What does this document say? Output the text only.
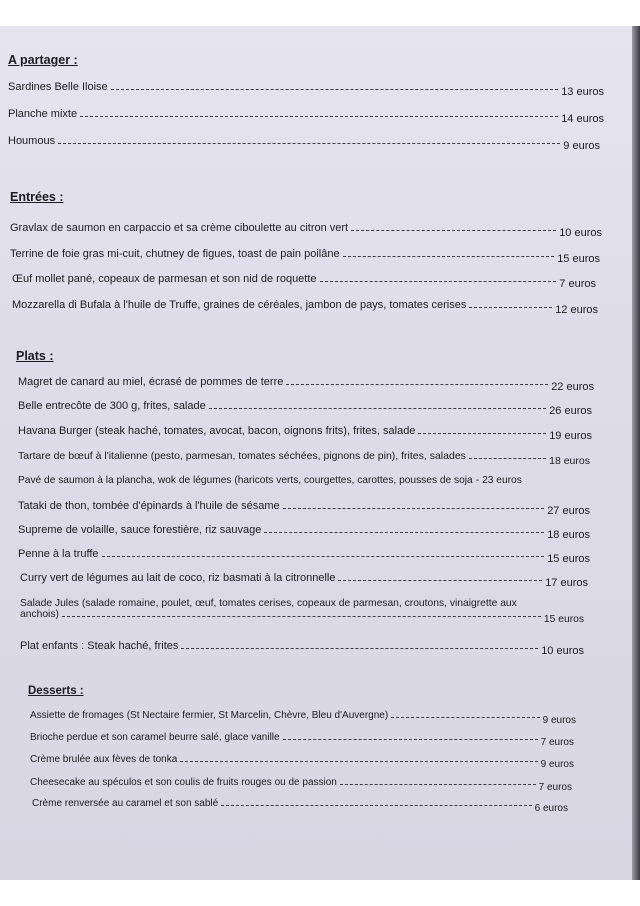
A partager :
Sardines Belle Iloise	13 euros
Planche mixte	14 euros
Houmous	9 euros
Entrées :
Gravlax de saumon en carpaccio et sa crème ciboulette au citron vert	10 euros
Terrine de foie gras mi-cuit, chutney de figues, toast de pain poilâne	15 euros
Œuf mollet pané, copeaux de parmesan et son nid de roquette	7 euros
Mozzarella di Bufala à l'huile de Truffe, graines de céréales, jambon de pays, tomates cerises	12 euros
Plats :
Magret de canard au miel, écrasé de pommes de terre	22 euros
Belle entrecôte de 300 g, frites, salade	26 euros
Havana Burger (steak haché, tomates, avocat, bacon, oignons frits), frites, salade	19 euros
Tartare de bœuf à l'italienne (pesto, parmesan, tomates séchées, pignons de pin), frites, salades	18 euros
Pavé de saumon à la plancha, wok de légumes (haricots verts, courgettes, carottes, pousses de soja - 23 euros
Tataki de thon, tombée d'épinards à l'huile de sésame	27 euros
Supreme de volaille, sauce forestière, riz sauvage	18 euros
Penne à la truffe	15 euros
Curry vert de légumes au lait de coco, riz basmati à la citronnelle	17 euros
Salade Jules (salade romaine, poulet, œuf, tomates cerises, copeaux de parmesan, croutons, vinaigrette aux
anchois)	15 euros
Plat enfants : Steak haché, frites	10 euros
Desserts :
Assiette de fromages (St Nectaire fermier, St Marcelin, Chèvre, Bleu d'Auvergne)	9 euros
Brioche perdue et son caramel beurre salé, glace vanille	7 euros
Crème brulée aux fèves de tonka	9 euros
Cheesecake au spéculos et son coulis de fruits rouges ou de passion	7 euros
Crème renversée au caramel et son sablé	6 euros
